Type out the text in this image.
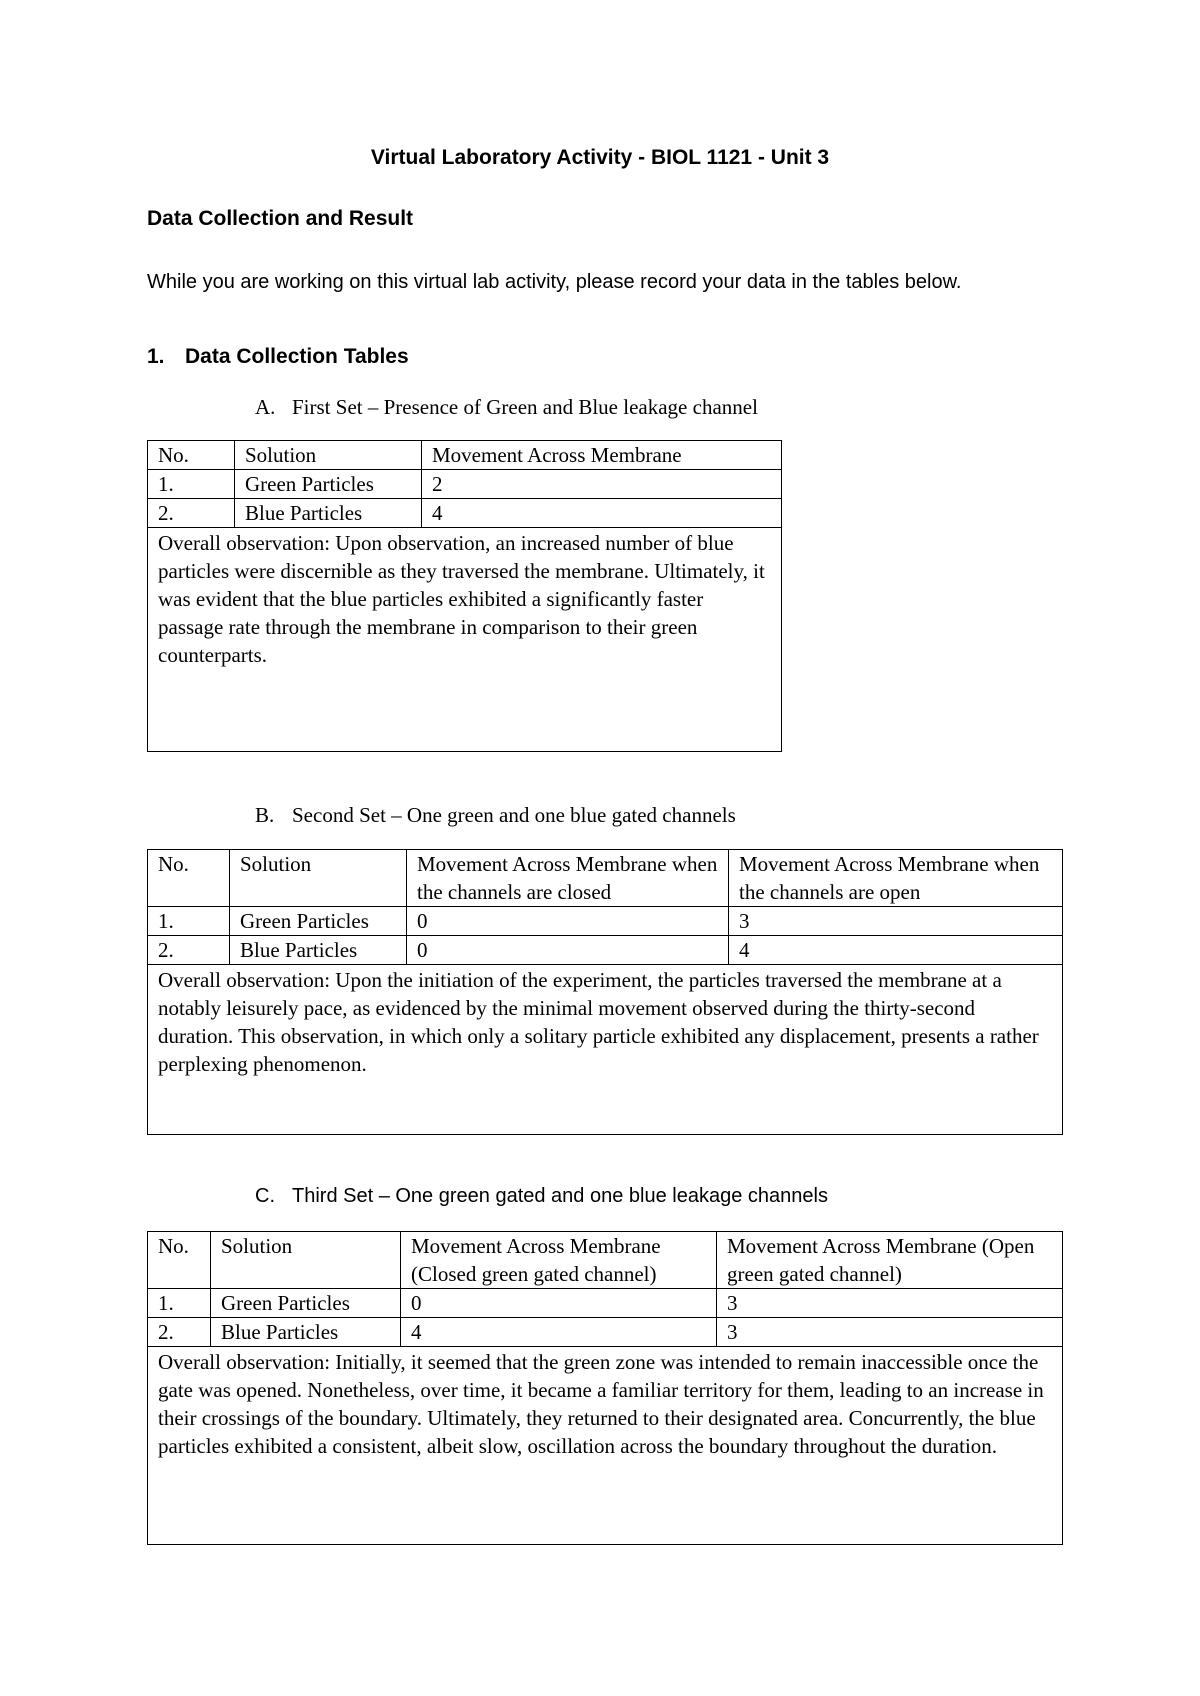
Virtual Laboratory Activity - BIOL 1121 - Unit 3
Data Collection and Result
While you are working on this virtual lab activity, please record your data in the tables below.
1. Data Collection Tables
A. First Set – Presence of Green and Blue leakage channel
No.	Solution	Movement Across Membrane
1.	Green Particles	2
2.	Blue Particles	4
Overall observation: Upon observation, an increased number of blue particles were discernible as they traversed the membrane. Ultimately, it was evident that the blue particles exhibited a significantly faster passage rate through the membrane in comparison to their green counterparts.		
B. Second Set – One green and one blue gated channels
No.	Solution	Movement Across Membrane when the channels are closed	Movement Across Membrane when the channels are open
1.	Green Particles	0	3
2.	Blue Particles	0	4
Overall observation: Upon the initiation of the experiment, the particles traversed the membrane at a notably leisurely pace, as evidenced by the minimal movement observed during the thirty-second duration. This observation, in which only a solitary particle exhibited any displacement, presents a rather perplexing phenomenon.			
C. Third Set – One green gated and one blue leakage channels
No.	Solution	Movement Across Membrane (Closed green gated channel)	Movement Across Membrane (Open green gated channel)
1.	Green Particles	0	3
2.	Blue Particles	4	3
Overall observation: Initially, it seemed that the green zone was intended to remain inaccessible once the gate was opened. Nonetheless, over time, it became a familiar territory for them, leading to an increase in their crossings of the boundary. Ultimately, they returned to their designated area. Concurrently, the blue particles exhibited a consistent, albeit slow, oscillation across the boundary throughout the duration.			
